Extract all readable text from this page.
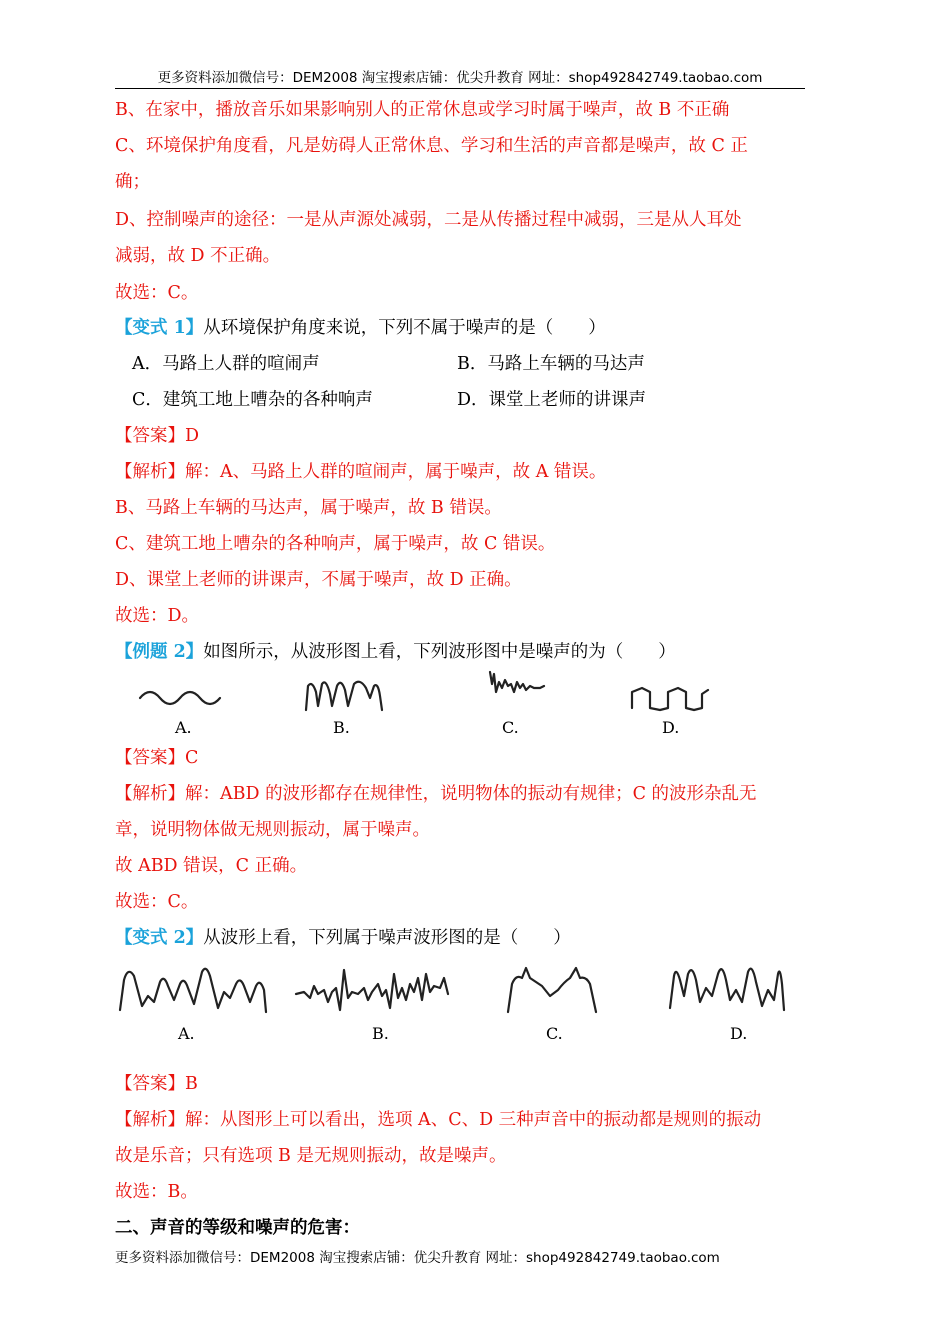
更多资料添加微信号：DEM2008 淘宝搜索店铺：优尖升教育 网址：shop492842749.taobao.com
B、在家中，播放音乐如果影响别人的正常休息或学习时属于噪声，故 B 不正确
C、环境保护角度看，凡是妨碍人正常休息、学习和生活的声音都是噪声，故 C 正
确；
D、控制噪声的途径：一是从声源处减弱，二是从传播过程中减弱，三是从人耳处
减弱，故 D 不正确。
故选：C。
【变式 1】从环境保护角度来说，下列不属于噪声的是（　　）
A．马路上人群的喧闹声	B．马路上车辆的马达声
C．建筑工地上嘈杂的各种响声	D．课堂上老师的讲课声
【答案】D
【解析】解：A、马路上人群的喧闹声，属于噪声，故 A 错误。
B、马路上车辆的马达声，属于噪声，故 B 错误。
C、建筑工地上嘈杂的各种响声，属于噪声，故 C 错误。
D、课堂上老师的讲课声，不属于噪声，故 D 正确。
故选：D。
【例题 2】如图所示，从波形图上看，下列波形图中是噪声的为（　　）
A.	B.	C.	D.
【答案】C
【解析】解：ABD 的波形都存在规律性，说明物体的振动有规律；C 的波形杂乱无
章，说明物体做无规则振动，属于噪声。
故 ABD 错误，C 正确。
故选：C。
【变式 2】从波形上看，下列属于噪声波形图的是（　　）
A.	B.	C.	D.
【答案】B
【解析】解：从图形上可以看出，选项 A、C、D 三种声音中的振动都是规则的振动
故是乐音；只有选项 B 是无规则振动，故是噪声。
故选：B。
二、声音的等级和噪声的危害：
更多资料添加微信号：DEM2008 淘宝搜索店铺：优尖升教育 网址：shop492842749.taobao.com
